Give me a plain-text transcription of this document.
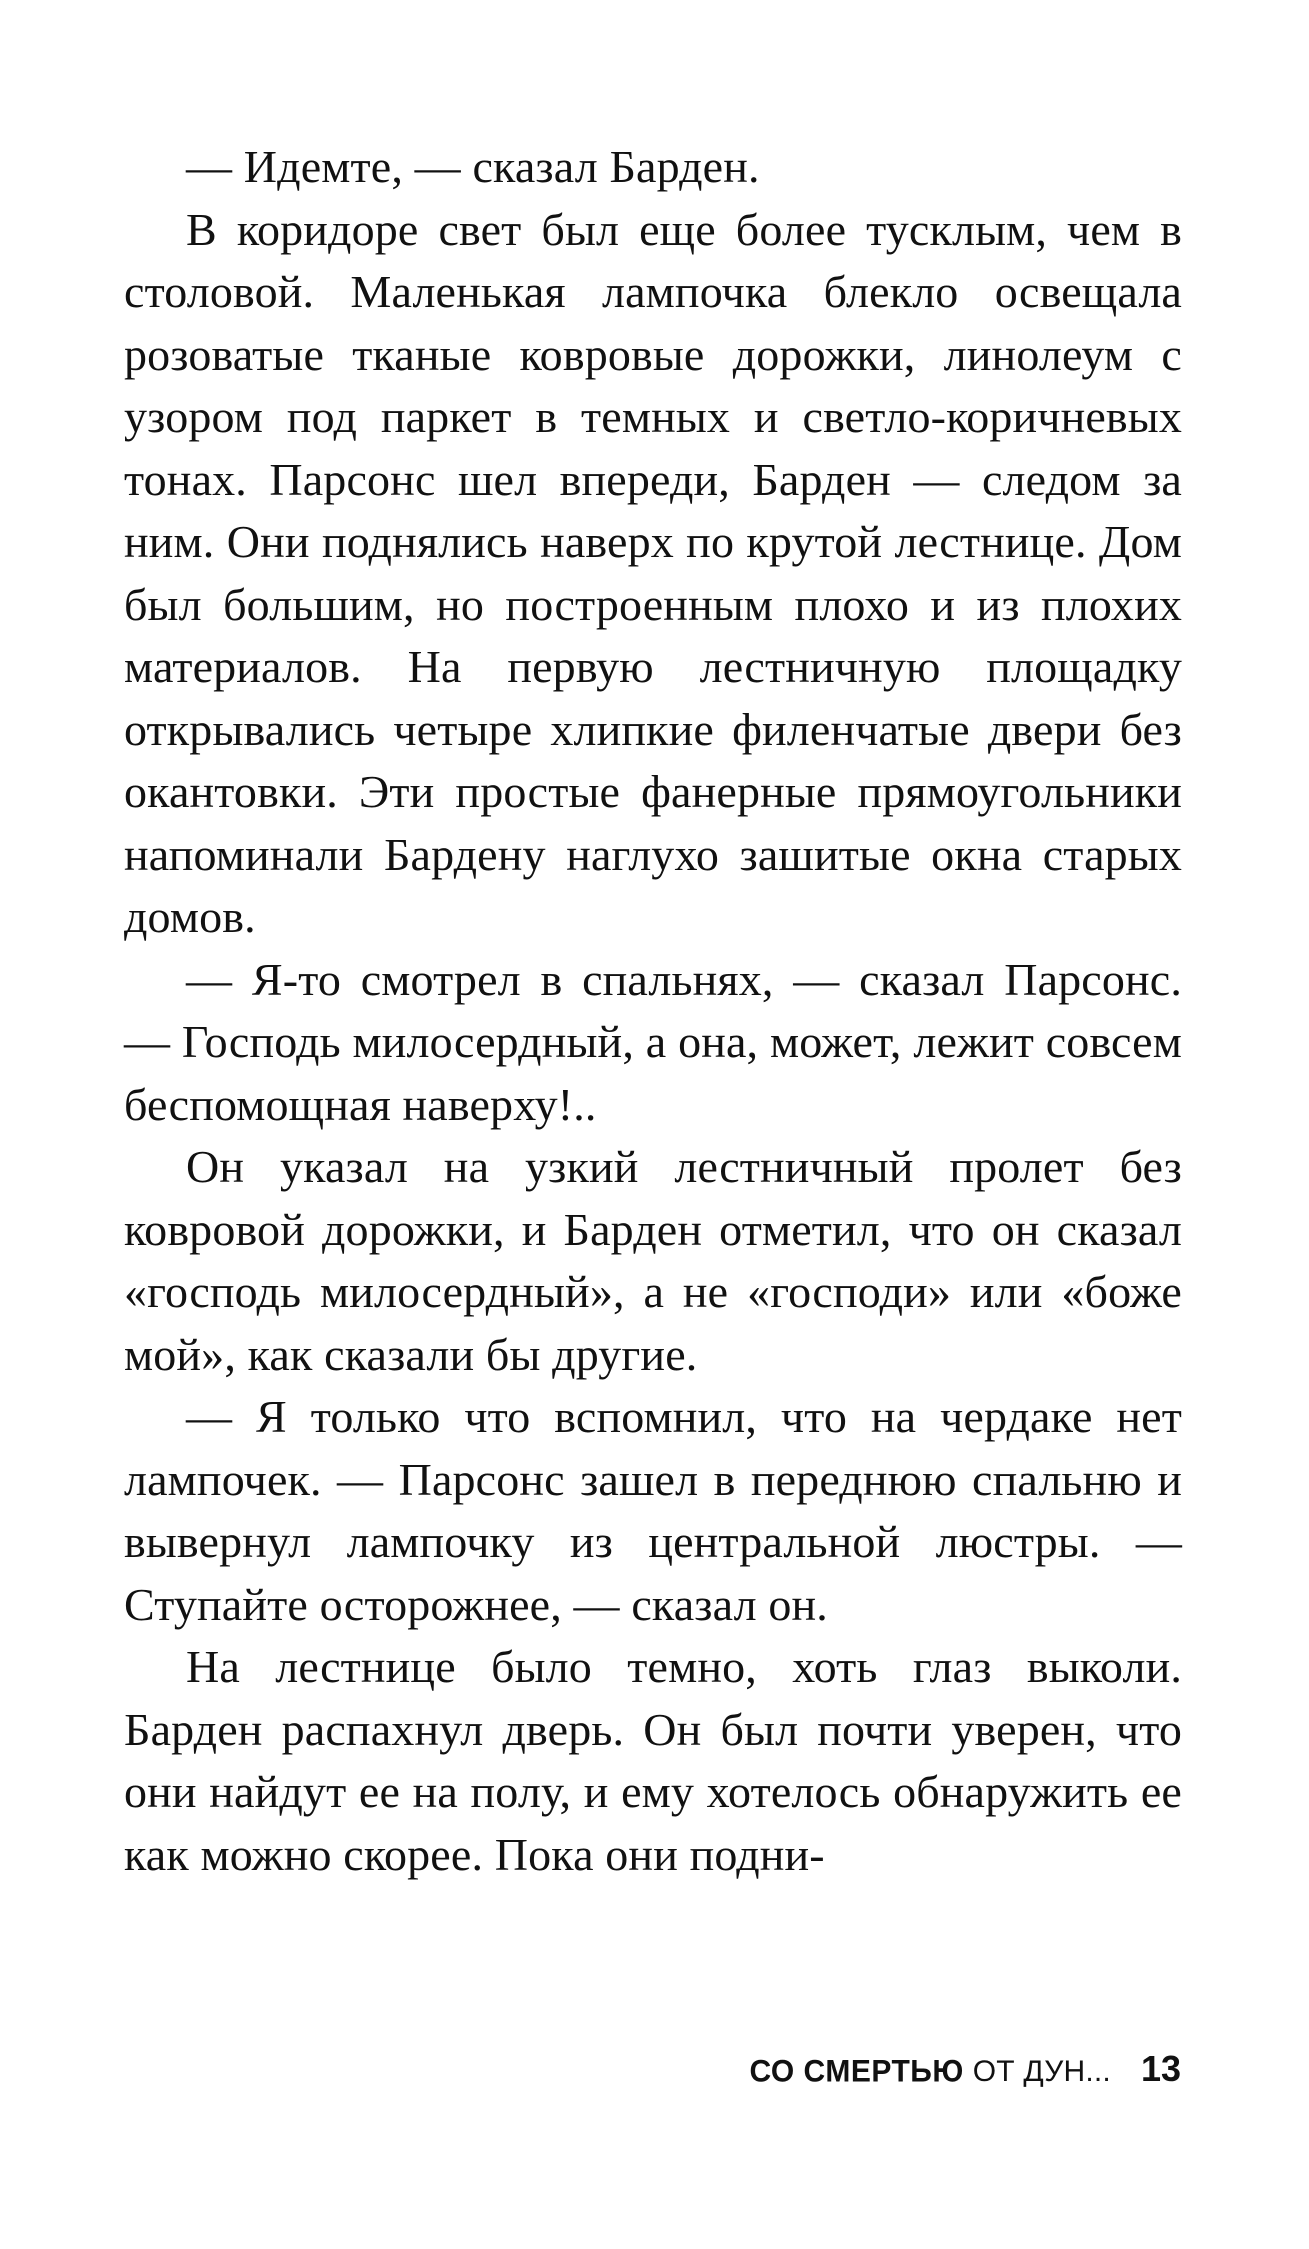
— Идемте, — сказал Барден.

В коридоре свет был еще более тусклым, чем в столовой. Маленькая лампочка блекло освещала розоватые тканые ковровые дорожки, линолеум с узором под паркет в темных и светло-коричневых тонах. Парсонс шел впереди, Барден — следом за ним. Они поднялись наверх по крутой лестнице. Дом был большим, но построенным плохо и из плохих материалов. На первую лестничную площадку открывались четыре хлипкие филенчатые двери без окантовки. Эти простые фанерные прямоугольники напоминали Бардену наглухо зашитые окна старых домов.

— Я-то смотрел в спальнях, — сказал Парсонс. — Господь милосердный, а она, может, лежит совсем беспомощная наверху!..

Он указал на узкий лестничный пролет без ковровой дорожки, и Барден отметил, что он сказал «господь милосердный», а не «господи» или «боже мой», как сказали бы другие.

— Я только что вспомнил, что на чердаке нет лампочек. — Парсонс зашел в переднюю спальню и вывернул лампочку из центральной люстры. — Ступайте осторожнее, — сказал он.

На лестнице было темно, хоть глаз выколи. Барден распахнул дверь. Он был почти уверен, что они найдут ее на полу, и ему хотелось обнаружить ее как можно скорее. Пока они подни-

СО СМЕРТЬЮ ОТ ДУН... 13
